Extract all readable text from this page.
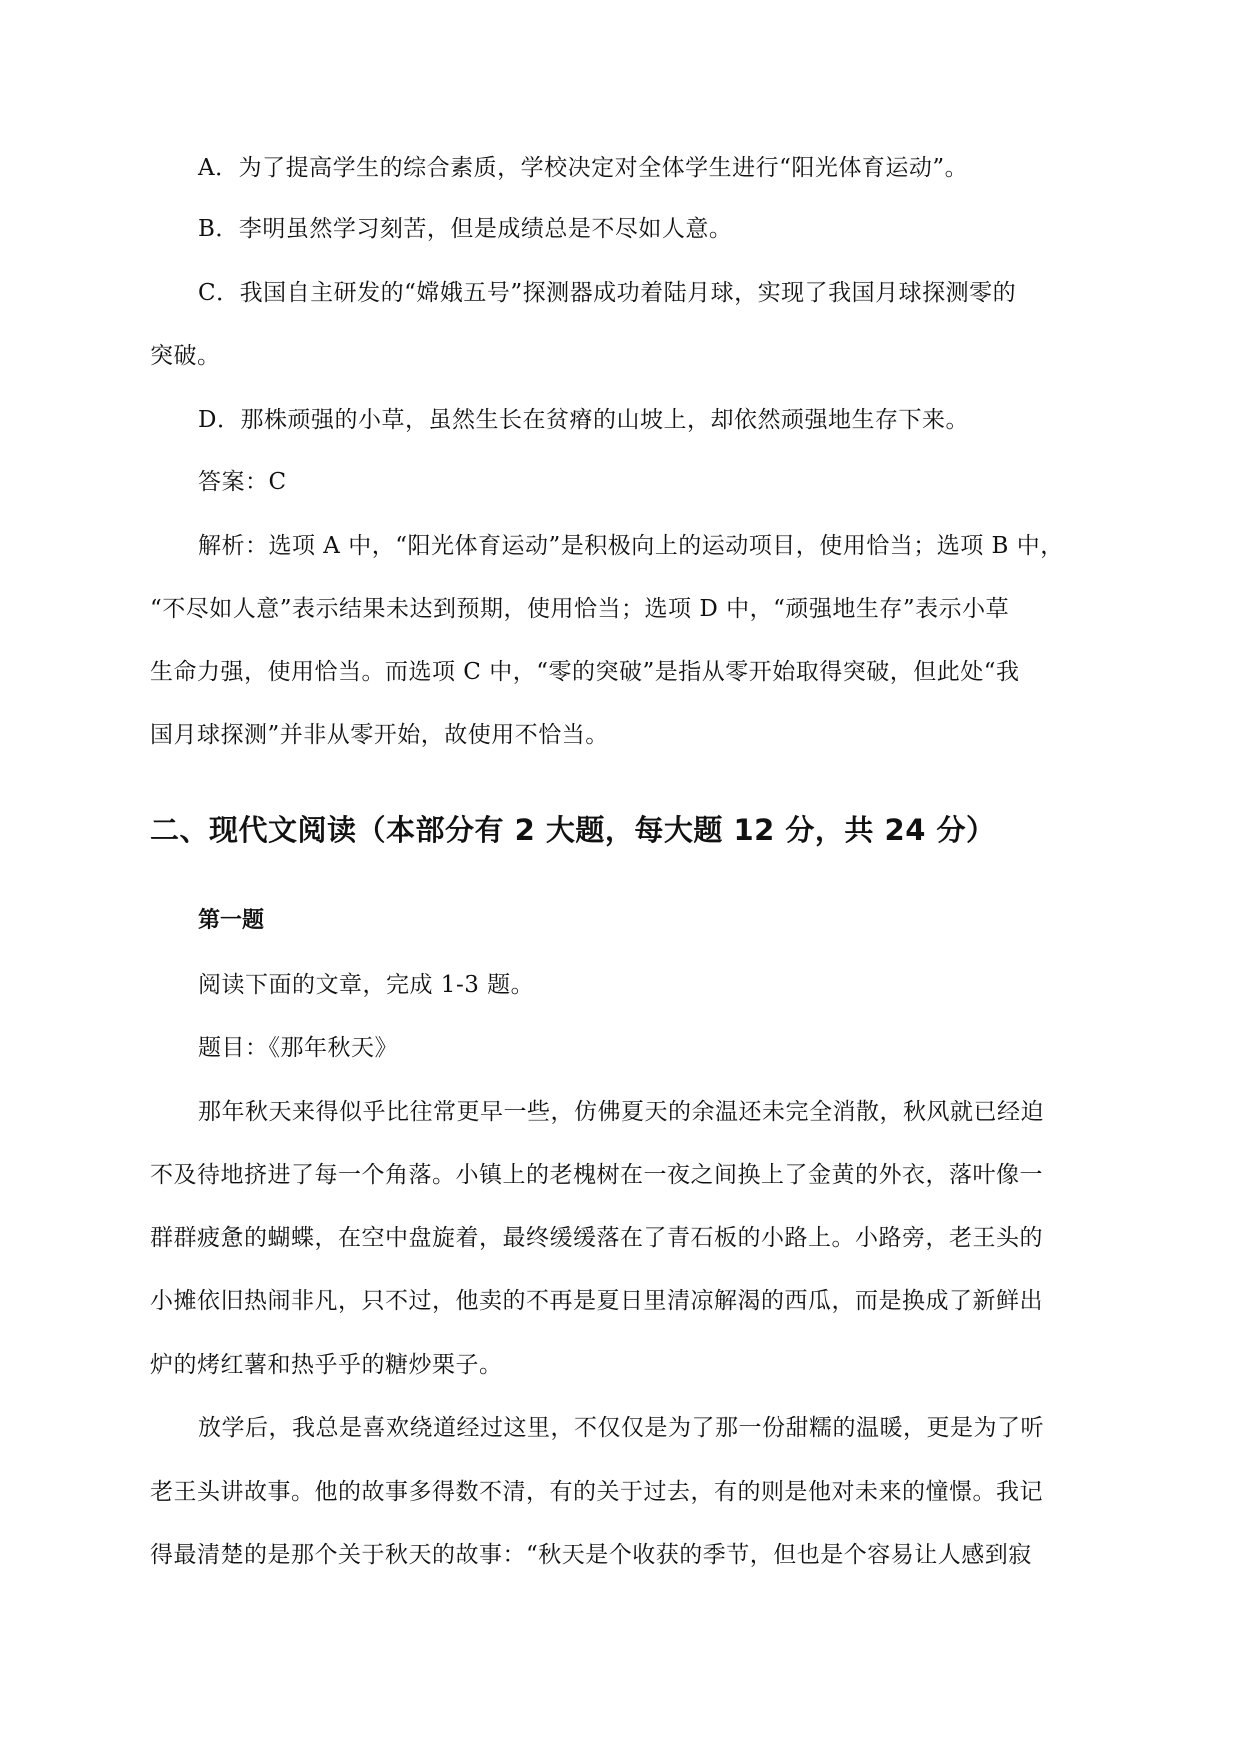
A．为了提高学生的综合素质，学校决定对全体学生进行“阳光体育运动”。
B．李明虽然学习刻苦，但是成绩总是不尽如人意。
C．我国自主研发的“嫦娥五号”探测器成功着陆月球，实现了我国月球探测零的
突破。
D．那株顽强的小草，虽然生长在贫瘠的山坡上，却依然顽强地生存下来。
答案：C
解析：选项 A 中，“阳光体育运动”是积极向上的运动项目，使用恰当；选项 B 中，
“不尽如人意”表示结果未达到预期，使用恰当；选项 D 中，“顽强地生存”表示小草
生命力强，使用恰当。而选项 C 中，“零的突破”是指从零开始取得突破，但此处“我
国月球探测”并非从零开始，故使用不恰当。
二、现代文阅读（本部分有 2 大题，每大题 12 分，共 24 分）
第一题
阅读下面的文章，完成 1-3 题。
题目：《那年秋天》
那年秋天来得似乎比往常更早一些，仿佛夏天的余温还未完全消散，秋风就已经迫
不及待地挤进了每一个角落。小镇上的老槐树在一夜之间换上了金黄的外衣，落叶像一
群群疲惫的蝴蝶，在空中盘旋着，最终缓缓落在了青石板的小路上。小路旁，老王头的
小摊依旧热闹非凡，只不过，他卖的不再是夏日里清凉解渴的西瓜，而是换成了新鲜出
炉的烤红薯和热乎乎的糖炒栗子。
放学后，我总是喜欢绕道经过这里，不仅仅是为了那一份甜糯的温暖，更是为了听
老王头讲故事。他的故事多得数不清，有的关于过去，有的则是他对未来的憧憬。我记
得最清楚的是那个关于秋天的故事：“秋天是个收获的季节，但也是个容易让人感到寂
